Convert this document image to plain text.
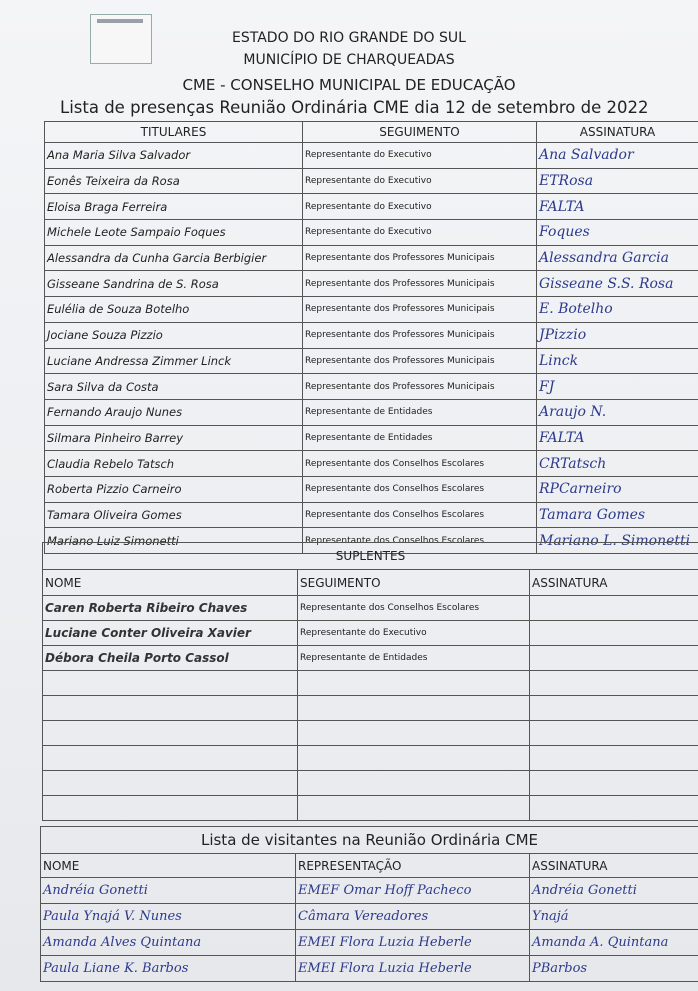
ESTADO DO RIO GRANDE DO SUL
MUNICÍPIO DE CHARQUEADAS
CME - CONSELHO MUNICIPAL DE EDUCAÇÃO
Lista de presenças Reunião Ordinária CME dia 12 de setembro de 2022
TITULARES	SEGUIMENTO	ASSINATURA
Ana Maria Silva Salvador	Representante do Executivo	Ana Salvador
Eonês Teixeira da Rosa	Representante do Executivo	ETRosa
Eloisa Braga Ferreira	Representante do Executivo	FALTA
Michele Leote Sampaio Foques	Representante do Executivo	Foques
Alessandra da Cunha Garcia Berbigier	Representante dos Professores Municipais	Alessandra Garcia
Gisseane Sandrina de S. Rosa	Representante dos Professores Municipais	Gisseane S.S. Rosa
Eulélia de Souza Botelho	Representante dos Professores Municipais	E. Botelho
Jociane Souza Pizzio	Representante dos Professores Municipais	JPizzio
Luciane Andressa Zimmer Linck	Representante dos Professores Municipais	Linck
Sara Silva da Costa	Representante dos Professores Municipais	FJ
Fernando Araujo Nunes	Representante de Entidades	Araujo N.
Silmara Pinheiro Barrey	Representante de Entidades	FALTA
Claudia Rebelo Tatsch	Representante dos Conselhos Escolares	CRTatsch
Roberta Pizzio Carneiro	Representante dos Conselhos Escolares	RPCarneiro
Tamara Oliveira Gomes	Representante dos Conselhos Escolares	Tamara Gomes
Mariano Luiz Simonetti	Representante dos Conselhos Escolares	Mariano L. Simonetti
SUPLENTES		
NOME	SEGUIMENTO	ASSINATURA
Caren Roberta Ribeiro Chaves	Representante dos Conselhos Escolares	
Luciane Conter Oliveira Xavier	Representante do Executivo	
Débora Cheila Porto Cassol	Representante de Entidades	

Lista de visitantes na Reunião Ordinária CME		
NOME	REPRESENTAÇÃO	ASSINATURA
Andréia Gonetti	EMEF Omar Hoff Pacheco	Andréia Gonetti
Paula Ynajá V. Nunes	Câmara Vereadores	Ynajá
Amanda Alves Quintana	EMEI Flora Luzia Heberle	Amanda A. Quintana
Paula Liane K. Barbos	EMEI Flora Luzia Heberle	PBarbos
